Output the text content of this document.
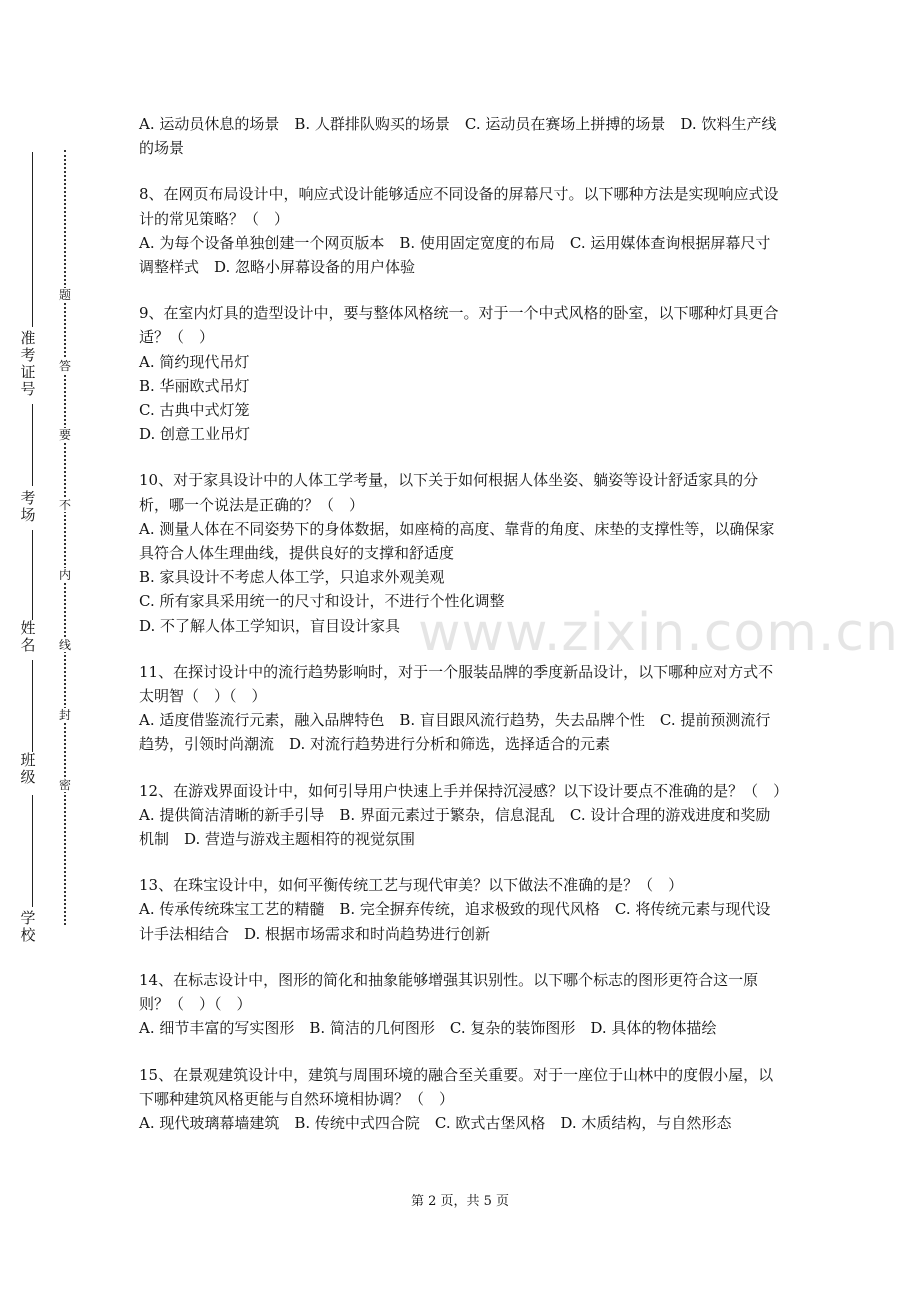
准考证号
考场
姓名
班级
学校
题
答
要
不
内
线
封
密

A. 运动员休息的场景　B. 人群排队购买的场景　C. 运动员在赛场上拼搏的场景　D. 饮料生产线的场景

8、在网页布局设计中，响应式设计能够适应不同设备的屏幕尺寸。以下哪种方法是实现响应式设计的常见策略？（　）

A. 为每个设备单独创建一个网页版本　B. 使用固定宽度的布局　C. 运用媒体查询根据屏幕尺寸调整样式　D. 忽略小屏幕设备的用户体验

9、在室内灯具的造型设计中，要与整体风格统一。对于一个中式风格的卧室，以下哪种灯具更合适？（　）

A. 简约现代吊灯

B. 华丽欧式吊灯

C. 古典中式灯笼

D. 创意工业吊灯

10、对于家具设计中的人体工学考量，以下关于如何根据人体坐姿、躺姿等设计舒适家具的分析，哪一个说法是正确的？（　）

A. 测量人体在不同姿势下的身体数据，如座椅的高度、靠背的角度、床垫的支撑性等，以确保家具符合人体生理曲线，提供良好的支撑和舒适度

B. 家具设计不考虑人体工学，只追求外观美观

C. 所有家具采用统一的尺寸和设计，不进行个性化调整

D. 不了解人体工学知识，盲目设计家具

11、在探讨设计中的流行趋势影响时，对于一个服装品牌的季度新品设计，以下哪种应对方式不太明智（　）（　）

A. 适度借鉴流行元素，融入品牌特色　B. 盲目跟风流行趋势，失去品牌个性　C. 提前预测流行趋势，引领时尚潮流　D. 对流行趋势进行分析和筛选，选择适合的元素

12、在游戏界面设计中，如何引导用户快速上手并保持沉浸感？以下设计要点不准确的是？（　）

A. 提供简洁清晰的新手引导　B. 界面元素过于繁杂，信息混乱　C. 设计合理的游戏进度和奖励机制　D. 营造与游戏主题相符的视觉氛围

13、在珠宝设计中，如何平衡传统工艺与现代审美？以下做法不准确的是？（　）

A. 传承传统珠宝工艺的精髓　B. 完全摒弃传统，追求极致的现代风格　C. 将传统元素与现代设计手法相结合　D. 根据市场需求和时尚趋势进行创新

14、在标志设计中，图形的简化和抽象能够增强其识别性。以下哪个标志的图形更符合这一原则？（　）（　）

A. 细节丰富的写实图形　B. 简洁的几何图形　C. 复杂的装饰图形　D. 具体的物体描绘

15、在景观建筑设计中，建筑与周围环境的融合至关重要。对于一座位于山林中的度假小屋，以下哪种建筑风格更能与自然环境相协调？（　）

A. 现代玻璃幕墙建筑　B. 传统中式四合院　C. 欧式古堡风格　D. 木质结构，与自然形态

www.zixin.com.cn
第 2 页，共 5 页
